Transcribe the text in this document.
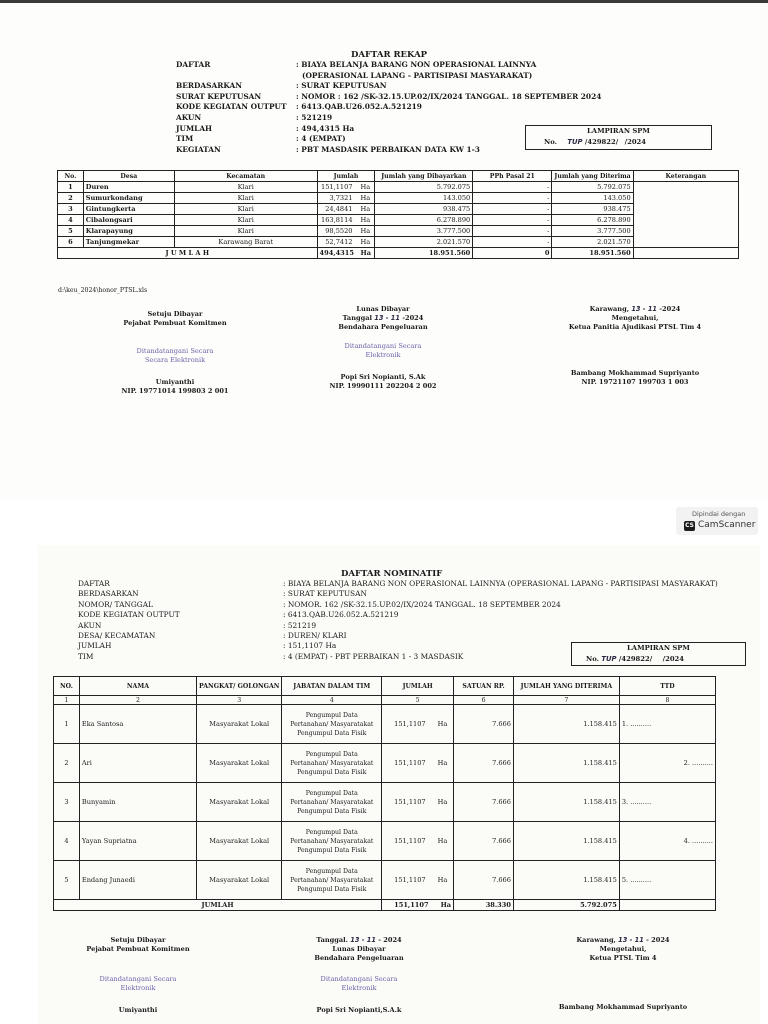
DAFTAR REKAP
DAFTAR	: BIAYA BELANJA BARANG NON OPERASIONAL LAINNYA
(OPERASIONAL LAPANG - PARTISIPASI MASYARAKAT)
BERDASARKAN	: SURAT KEPUTUSAN
SURAT KEPUTUSAN	: NOMOR : 162 /SK-32.15.UP.02/IX/2024 TANGGAL. 18 SEPTEMBER 2024
KODE KEGIATAN OUTPUT	: 6413.QAB.U26.052.A.521219
AKUN	: 521219
JUMLAH	: 494,4315 Ha
TIM	: 4 (EMPAT)
KEGIATAN	: PBT MASDASIK PERBAIKAN DATA KW 1-3
LAMPIRAN SPM
No. TUP /429822/ /2024
No.	Desa	Kecamatan	Jumlah	Jumlah yang Dibayarkan	PPh Pasal 21	Jumlah yang Diterima	Keterangan
1	Duren	Klari	151,1107 Ha	5.792.075	-	5.792.075	
2	Sumurkondang	Klari	3,7321 Ha	143.050	-	143.050	
3	Gintungkerta	Klari	24,4841 Ha	938.475	-	938.475	
4	Cibalongsari	Klari	163,8114 Ha	6.278.890	-	6.278.890	
5	Klarapayung	Klari	98,5520 Ha	3.777.500	-	3.777.500	
6	Tanjungmekar	Karawang Barat	52,7412 Ha	2.021.570	-	2.021.570	
J U M L A H			494,4315 Ha	18.951.560	0	18.951.560	
d:\keu_2024\honor_PTSL.xls
Setuju Dibayar
Pejabat Pembuat Komitmen
Ditandatangani Secara
Secara Elektronik
Umiyanthi
NIP. 19771014 199803 2 001
Lunas Dibayar
Tanggal 13 - 11 -2024
Bendahara Pengeluaran
Ditandatangani Secara
Elektronik
Popi Sri Nopianti, S.Ak
NIP. 19990111 202204 2 002
Karawang, 13 - 11 -2024
Mengetahui,
Ketua Panitia Ajudikasi PTSL Tim 4
Bambang Mokhammad Supriyanto
NIP. 19721107 199703 1 003
Dipindai dengan
CS CamScanner
DAFTAR NOMINATIF
DAFTAR	: BIAYA BELANJA BARANG NON OPERASIONAL LAINNYA (OPERASIONAL LAPANG - PARTISIPASI MASYARAKAT)
BERDASARKAN	: SURAT KEPUTUSAN
NOMOR/ TANGGAL	: NOMOR. 162 /SK-32.15.UP.02/IX/2024 TANGGAL. 18 SEPTEMBER 2024
KODE KEGIATAN OUTPUT	: 6413.QAB.U26.052.A.521219
AKUN	: 521219
DESA/ KECAMATAN	: DUREN/ KLARI
JUMLAH	: 151,1107 Ha
TIM	: 4 (EMPAT) - PBT PERBAIKAN 1 - 3 MASDASIK
LAMPIRAN SPM
No. TUP /429822/ /2024
NO.	NAMA	PANGKAT/ GOLONGAN	JABATAN DALAM TIM	JUMLAH	SATUAN RP.	JUMLAH YANG DITERIMA	TTD
1	2	3	4	5	6	7	8
1	Eka Santosa	Masyarakat Lokal	Pengumpul Data
Pertanahan/ Masyaratakat
Pengumpul Data Fisik	151,1107 Ha	7.666	1.158.415	1. ..........
2	Ari	Masyarakat Lokal	Pengumpul Data
Pertanahan/ Masyaratakat
Pengumpul Data Fisik	151,1107 Ha	7.666	1.158.415	2. ..........
3	Bunyamin	Masyarakat Lokal	Pengumpul Data
Pertanahan/ Masyaratakat
Pengumpul Data Fisik	151,1107 Ha	7.666	1.158.415	3. ..........
4	Yayan Supriatna	Masyarakat Lokal	Pengumpul Data
Pertanahan/ Masyaratakat
Pengumpul Data Fisik	151,1107 Ha	7.666	1.158.415	4. ..........
5	Endang Junaedi	Masyarakat Lokal	Pengumpul Data
Pertanahan/ Masyaratakat
Pengumpul Data Fisik	151,1107 Ha	7.666	1.158.415	5. ..........
JUMLAH				151,1107 Ha	38.330	5.792.075	
Setuju Dibayar
Pejabat Pembuat Komitmen
Ditandatangani Secara
Elektronik
Umiyanthi
Tanggal. 13 - 11 - 2024
Lunas Dibayar
Bendahara Pengeluaran
Ditandatangani Secara
Elektronik
Popi Sri Nopianti,S.A.k
Karawang, 13 - 11 - 2024
Mengetahui,
Ketua PTSL Tim 4
Bambang Mokhammad Supriyanto
